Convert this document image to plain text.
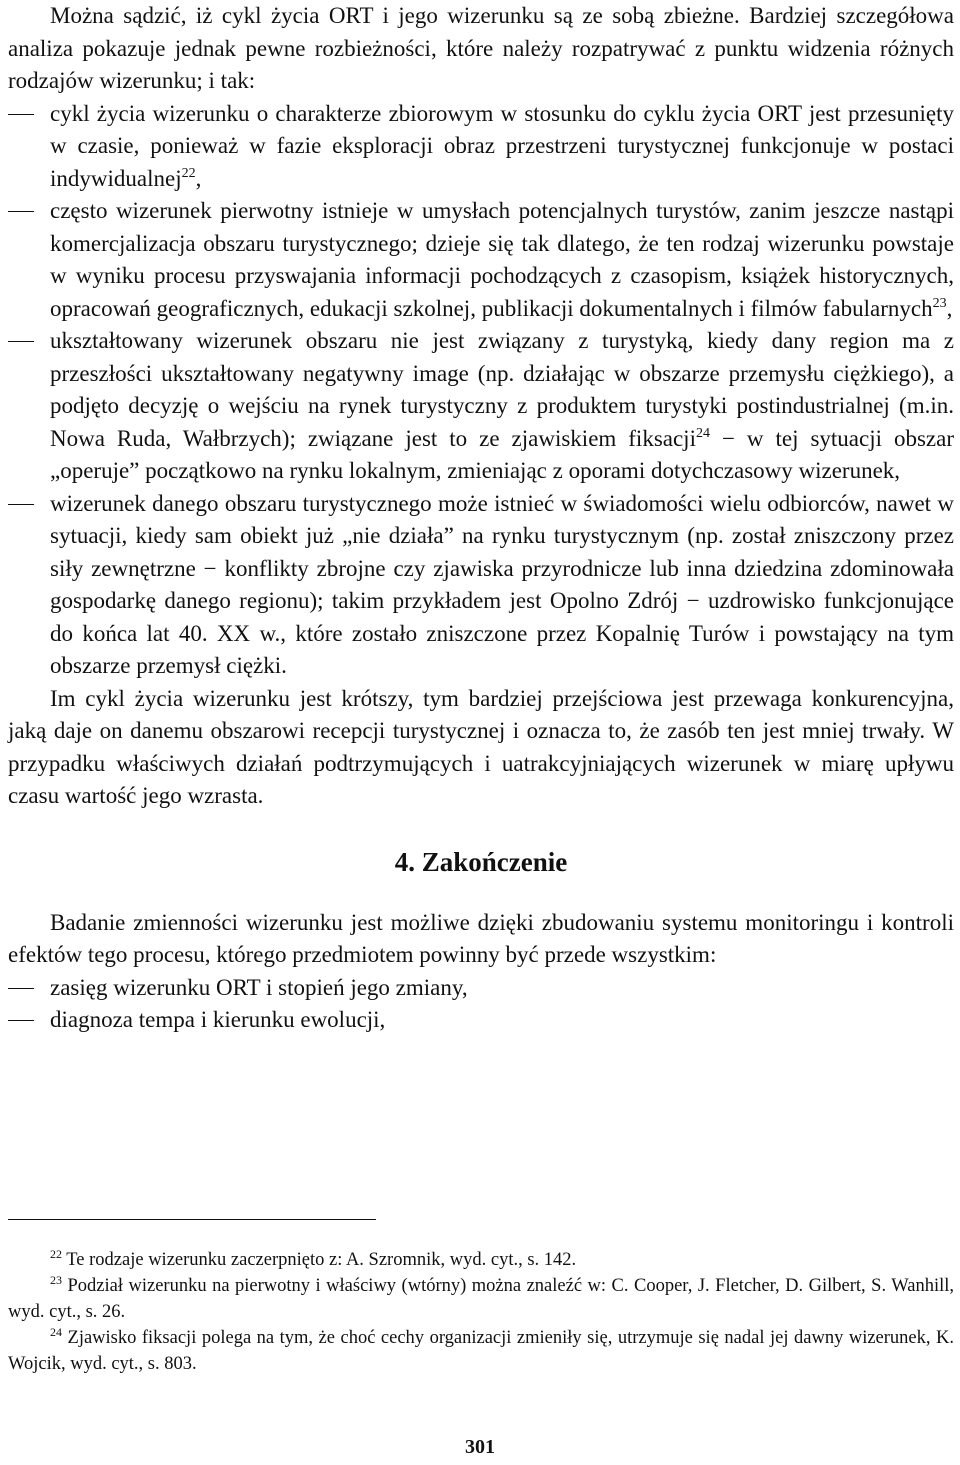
Można sądzić, iż cykl życia ORT i jego wizerunku są ze sobą zbieżne. Bardziej szczegółowa analiza pokazuje jednak pewne rozbieżności, które należy rozpatrywać z punktu widzenia różnych rodzajów wizerunku; i tak:

cykl życia wizerunku o charakterze zbiorowym w stosunku do cyklu życia ORT jest przesunięty w czasie, ponieważ w fazie eksploracji obraz przestrzeni turystycznej funkcjonuje w postaci indywidualnej$^{22}$,
często wizerunek pierwotny istnieje w umysłach potencjalnych turystów, zanim jeszcze nastąpi komercjalizacja obszaru turystycznego; dzieje się tak dlatego, że ten rodzaj wizerunku powstaje w wyniku procesu przyswajania informacji pochodzących z czasopism, książek historycznych, opracowań geograficznych, edukacji szkolnej, publikacji dokumentalnych i filmów fabularnych$^{23}$,
ukształtowany wizerunek obszaru nie jest związany z turystyką, kiedy dany region ma z przeszłości ukształtowany negatywny image (np. działając w obszarze przemysłu ciężkiego), a podjęto decyzję o wejściu na rynek turystyczny z produktem turystyki postindustrialnej (m.in. Nowa Ruda, Wałbrzych); związane jest to ze zjawiskiem fiksacji$^{24}$ − w tej sytuacji obszar „operuje” początkowo na rynku lokalnym, zmieniając z oporami dotychczasowy wizerunek,
wizerunek danego obszaru turystycznego może istnieć w świadomości wielu odbiorców, nawet w sytuacji, kiedy sam obiekt już „nie działa” na rynku turystycznym (np. został zniszczony przez siły zewnętrzne − konflikty zbrojne czy zjawiska przyrodnicze lub inna dziedzina zdominowała gospodarkę danego regionu); takim przykładem jest Opolno Zdrój − uzdrowisko funkcjonujące do końca lat 40. XX w., które zostało zniszczone przez Kopalnię Turów i powstający na tym obszarze przemysł ciężki.

Im cykl życia wizerunku jest krótszy, tym bardziej przejściowa jest przewaga konkurencyjna, jaką daje on danemu obszarowi recepcji turystycznej i oznacza to, że zasób ten jest mniej trwały. W przypadku właściwych działań podtrzymujących i uatrakcyjniających wizerunek w miarę upływu czasu wartość jego wzrasta.

4. Zakończenie

Badanie zmienności wizerunku jest możliwe dzięki zbudowaniu systemu monitoringu i kontroli efektów tego procesu, którego przedmiotem powinny być przede wszystkim:

zasięg wizerunku ORT i stopień jego zmiany,
diagnoza tempa i kierunku ewolucji,

$^{22}$ Te rodzaje wizerunku zaczerpnięto z: A. Szromnik, wyd. cyt., s. 142.

$^{23}$ Podział wizerunku na pierwotny i właściwy (wtórny) można znaleźć w: C. Cooper, J. Fletcher, D. Gilbert, S. Wanhill, wyd. cyt., s. 26.

$^{24}$ Zjawisko fiksacji polega na tym, że choć cechy organizacji zmieniły się, utrzymuje się nadal jej dawny wizerunek, K. Wojcik, wyd. cyt., s. 803.

301
